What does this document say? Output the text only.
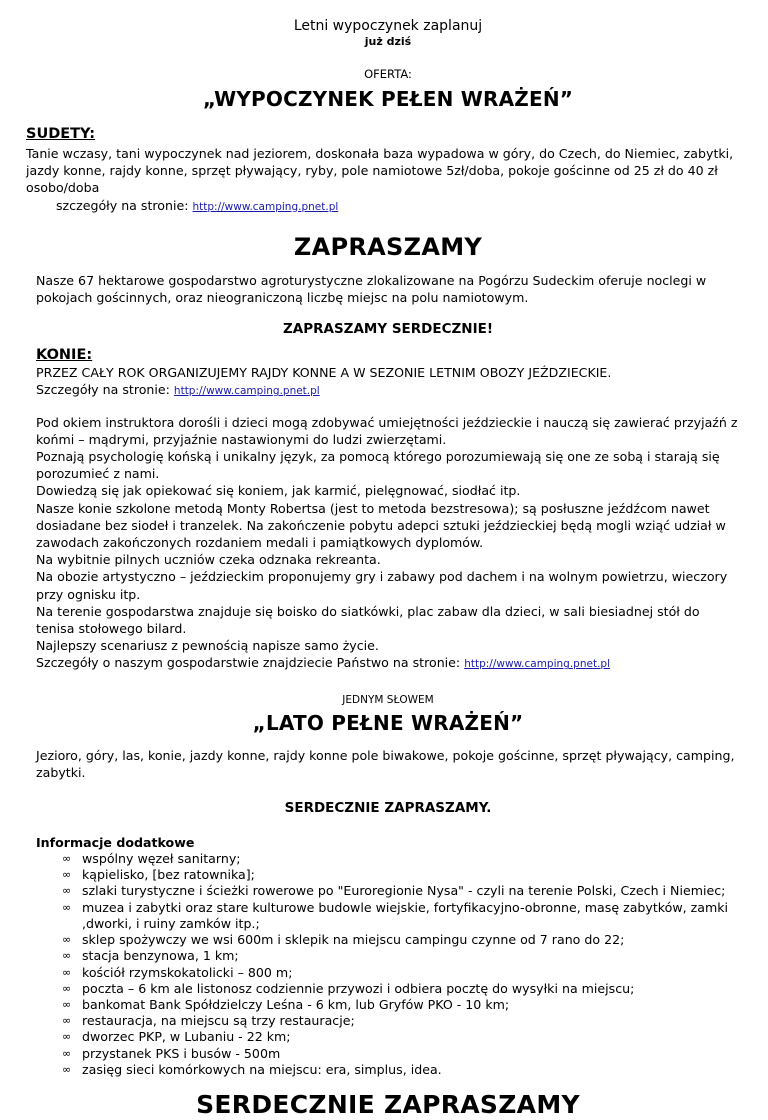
Letni wypoczynek zaplanuj
już dziś
OFERTA:
„WYPOCZYNEK PEŁEN WRAŻEŃ”
SUDETY:
Tanie wczasy, tani wypoczynek nad jeziorem, doskonała baza wypadowa w góry, do Czech, do Niemiec, zabytki, jazdy konne, rajdy konne, sprzęt pływający, ryby, pole namiotowe 5zł/doba, pokoje gościnne od 25 zł do 40 zł osobo/doba
szczegóły na stronie: http://www.camping.pnet.pl
ZAPRASZAMY
Nasze 67 hektarowe gospodarstwo agroturystyczne zlokalizowane na Pogórzu Sudeckim oferuje noclegi w pokojach gościnnych, oraz nieograniczoną liczbę miejsc na polu namiotowym.
ZAPRASZAMY SERDECZNIE!
KONIE:
PRZEZ CAŁY ROK ORGANIZUJEMY RAJDY KONNE A W SEZONIE LETNIM OBOZY JEŹDZIECKIE.
Szczegóły na stronie: http://www.camping.pnet.pl
Pod okiem instruktora dorośli i dzieci mogą zdobywać umiejętności jeździeckie i nauczą się zawierać przyjaźń z końmi – mądrymi, przyjaźnie nastawionymi do ludzi zwierzętami.
Poznają psychologię końską i unikalny język, za pomocą którego porozumiewają się one ze sobą i starają się porozumieć z nami.
Dowiedzą się jak opiekować się koniem, jak karmić, pielęgnować, siodłać itp.
Nasze konie szkolone metodą Monty Robertsa (jest to metoda bezstresowa); są posłuszne jeźdźcom nawet dosiadane bez siodeł i tranzelek. Na zakończenie pobytu adepci sztuki jeździeckiej będą mogli wziąć udział w zawodach zakończonych rozdaniem medali i pamiątkowych dyplomów.
Na wybitnie pilnych uczniów czeka odznaka rekreanta.
Na obozie artystyczno – jeździeckim proponujemy gry i zabawy pod dachem i na wolnym powietrzu, wieczory przy ognisku itp.
Na terenie gospodarstwa znajduje się boisko do siatkówki, plac zabaw dla dzieci, w sali biesiadnej stół do tenisa stołowego bilard.
Najlepszy scenariusz z pewnością napisze samo życie.
Szczegóły o naszym gospodarstwie znajdziecie Państwo na stronie: http://www.camping.pnet.pl
JEDNYM SŁOWEM
„LATO PEŁNE WRAŻEŃ”
Jezioro, góry, las, konie, jazdy konne, rajdy konne pole biwakowe, pokoje gościnne, sprzęt pływający, camping, zabytki.
SERDECZNIE ZAPRASZAMY.
Informacje dodatkowe
∞ wspólny węzeł sanitarny;
∞ kąpielisko, [bez ratownika];
∞ szlaki turystyczne i ścieżki rowerowe po "Euroregionie Nysa" - czyli na terenie Polski, Czech i Niemiec;
∞ muzea i zabytki oraz stare kulturowe budowle wiejskie, fortyfikacyjno-obronne, masę zabytków, zamki ,dworki, i ruiny zamków itp.;
∞ sklep spożywczy we wsi 600m i sklepik na miejscu campingu czynne od 7 rano do 22;
∞ stacja benzynowa, 1 km;
∞ kościół rzymskokatolicki – 800 m;
∞ poczta – 6 km ale listonosz codziennie przywozi i odbiera pocztę do wysyłki na miejscu;
∞ bankomat Bank Spółdzielczy Leśna - 6 km, lub Gryfów PKO - 10 km;
∞ restauracja, na miejscu są trzy restauracje;
∞ dworzec PKP, w Lubaniu - 22 km;
∞ przystanek PKS i busów - 500m
∞ zasięg sieci komórkowych na miejscu: era, simplus, idea.
SERDECZNIE ZAPRASZAMY
